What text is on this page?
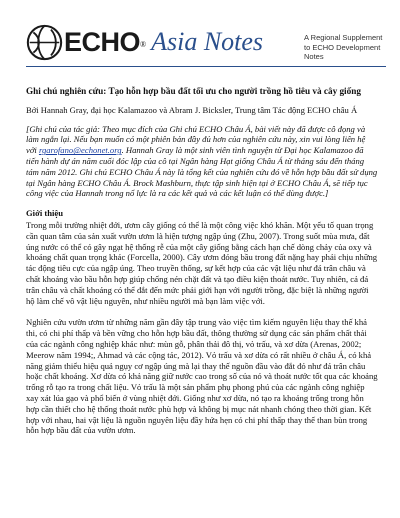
ECHO ® Asia Notes	A Regional Supplement to ECHO Development Notes

Ghi chú nghiên cứu: Tạo hỗn hợp bầu đất tối ưu cho người trồng hồ tiêu và cây giống

Bởi Hannah Gray, đại học Kalamazoo và Abram J. Bicksler, Trung tâm Tác động ECHO châu Á

[Ghi chú của tác giả: Theo mục đích của Ghi chú ECHO Châu Á, bài viết này đã được cô đọng và làm ngắn lại. Nếu bạn muốn có một phiên bản đầy đủ hơn của nghiên cứu này, xin vui lòng liên hệ với rgarofano@echonet.org. Hannah Gray là một sinh viên tình nguyện từ Đại học Kalamazoo đã tiến hành dự án năm cuối đóc lập của cô tại Ngân hàng Hạt giống Châu Á từ tháng sáu đến tháng tám năm 2012. Ghi chú ECHO Châu Á này là tổng kết của nghiên cứu đó về hỗn hợp bầu đất sử dụng tại Ngân hàng ECHO Châu Á. Brock Mashburn, thực tập sinh hiện tại ở ECHO Châu Á, sẽ tiếp tục công việc của Hannah trong nổ lực là ra các kết quả và các kết luận có thể dùng được.]

Giới thiệu

Trong mỗi trường nhiệt đới, ươm cây giống có thể là một công việc khó khăn. Một yếu tố quan trọng cần quan tâm của sản xuất vườn ươm là hiện tượng ngập úng (Zhu, 2007). Trong suốt mùa mưa, đất úng nước có thể có gây ngạt hệ thống rễ của một cây giống bằng cách hạn chế dòng chảy của oxy và khoáng chất quan trọng khác (Forcella, 2000). Cây ươm đóng bầu trong đất nặng hay phải chịu những tác động tiêu cực của ngập úng. Theo truyền thống, sự kết hợp của các vật liệu như đá trân châu và chất khoáng vào bầu hỗn hợp giúp chống nén chặt đất và tạo điều kiện thoát nước. Tuy nhiên, cả đá trân châu và chất khoáng có thể đắt đến mức phải giới hạn với người trồng, đặc biệt là những người hộ làm chế vô vật liệu nguyên, như nhiều người mà bạn làm việc với.

Nghiên cứu vườn ươm từ những năm gần đây tập trung vào việc tìm kiếm nguyên liệu thay thế khả thi, có chi phí thấp và bền vững cho hỗn hợp bầu đất, thông thường sử dụng các sản phẩm chất thải của các ngành công nghiệp khác như: mùn gỗ, phân thải đô thị, vỏ trấu, và xơ dừa (Arenas, 2002; Meerow năm 1994;, Ahmad và các cộng tác, 2012). Vỏ trấu và xơ dừa có rất nhiều ở châu Á, có khả năng giảm thiểu hiệu quả ngụy cơ ngập úng mà lại thay thế nguồn đầu vào đắt đỏ như đá trân châu hoặc chất khoáng. Xơ dừa có khả năng giữ nước cao trong số của nó và thoát nước tốt qua các khoảng trống rỗ tạo ra trong chất liệu. Vỏ trấu là một sản phẩm phụ phong phú của các ngành công nghiệp xay xát lúa gạo và phổ biến ở vùng nhiệt đới. Giống như xơ dừa, nó tạo ra khoảng trống trong hỗn hợp cần thiết cho hệ thống thoát nước phù hợp và không bị mục nát nhanh chóng theo thời gian. Kết hợp với nhau, hai vật liệu là nguồn nguyên liệu đầy hứa hẹn có chi phí thấp thay thế than bùn trong hỗn hợp bầu đất của vườn ươm.
